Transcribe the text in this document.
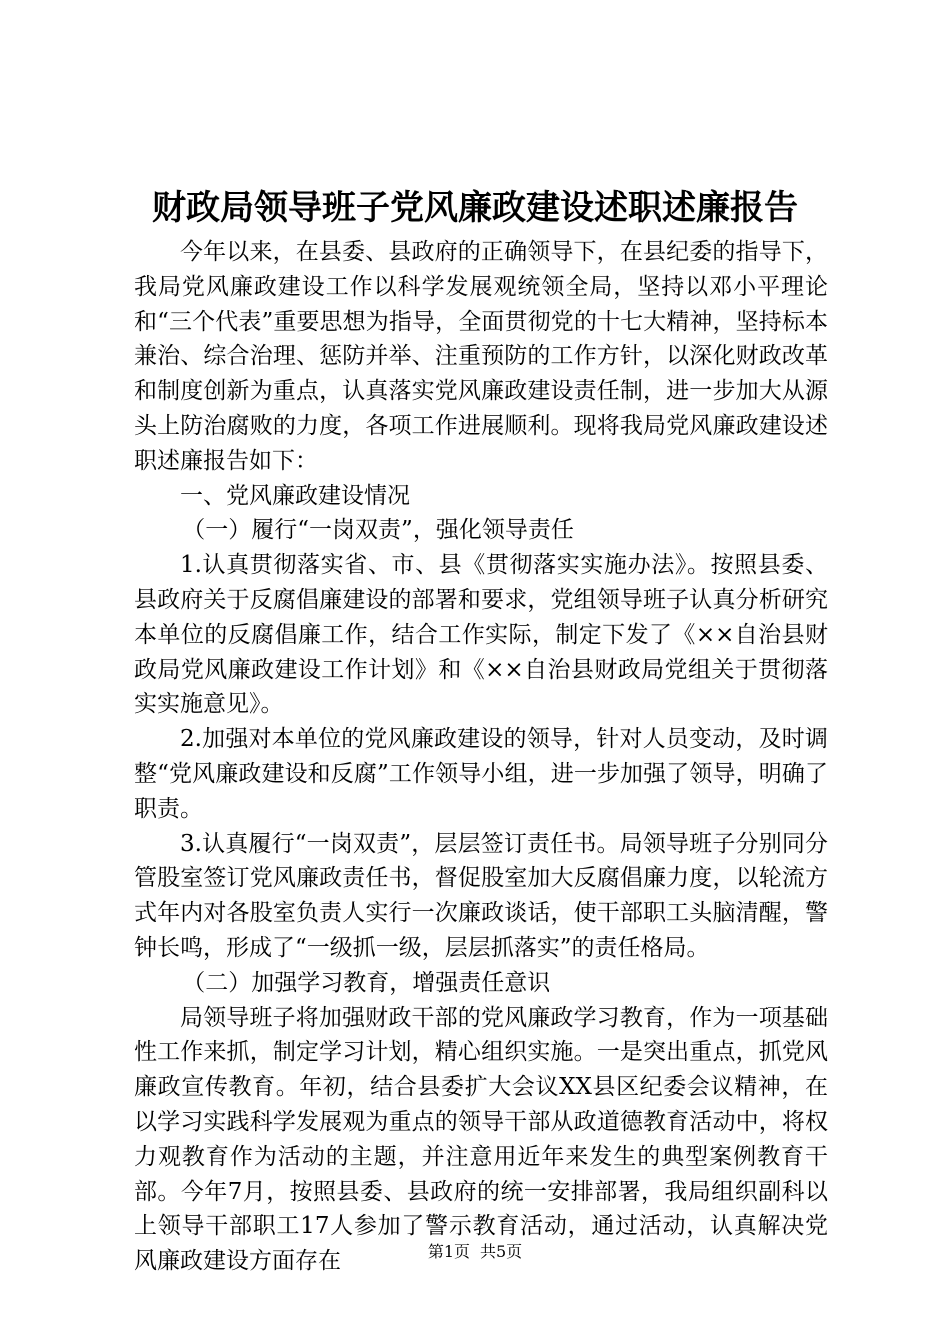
财政局领导班子党风廉政建设述职述廉报告

今年以来，在县委、县政府的正确领导下，在县纪委的指导下，我局党风廉政建设工作以科学发展观统领全局，坚持以邓小平理论和“三个代表”重要思想为指导，全面贯彻党的十七大精神，坚持标本兼治、综合治理、惩防并举、注重预防的工作方针，以深化财政改革和制度创新为重点，认真落实党风廉政建设责任制，进一步加大从源头上防治腐败的力度，各项工作进展顺利。现将我局党风廉政建设述职述廉报告如下：

一、党风廉政建设情况

（一）履行“一岗双责”，强化领导责任

1.认真贯彻落实省、市、县《贯彻落实实施办法》。按照县委、县政府关于反腐倡廉建设的部署和要求，党组领导班子认真分析研究本单位的反腐倡廉工作，结合工作实际，制定下发了《××自治县财政局党风廉政建设工作计划》和《××自治县财政局党组关于贯彻落实实施意见》。

2.加强对本单位的党风廉政建设的领导，针对人员变动，及时调整“党风廉政建设和反腐”工作领导小组，进一步加强了领导，明确了职责。

3.认真履行“一岗双责”，层层签订责任书。局领导班子分别同分管股室签订党风廉政责任书，督促股室加大反腐倡廉力度，以轮流方式年内对各股室负责人实行一次廉政谈话，使干部职工头脑清醒，警钟长鸣，形成了“一级抓一级，层层抓落实”的责任格局。

（二）加强学习教育，增强责任意识

局领导班子将加强财政干部的党风廉政学习教育，作为一项基础性工作来抓，制定学习计划，精心组织实施。一是突出重点，抓党风廉政宣传教育。年初，结合县委扩大会议XX县区纪委会议精神，在以学习实践科学发展观为重点的领导干部从政道德教育活动中，将权力观教育作为活动的主题，并注意用近年来发生的典型案例教育干部。今年7月，按照县委、县政府的统一安排部署，我局组织副科以上领导干部职工17人参加了警示教育活动，通过活动，认真解决党风廉政建设方面存在	第1页 共5页
